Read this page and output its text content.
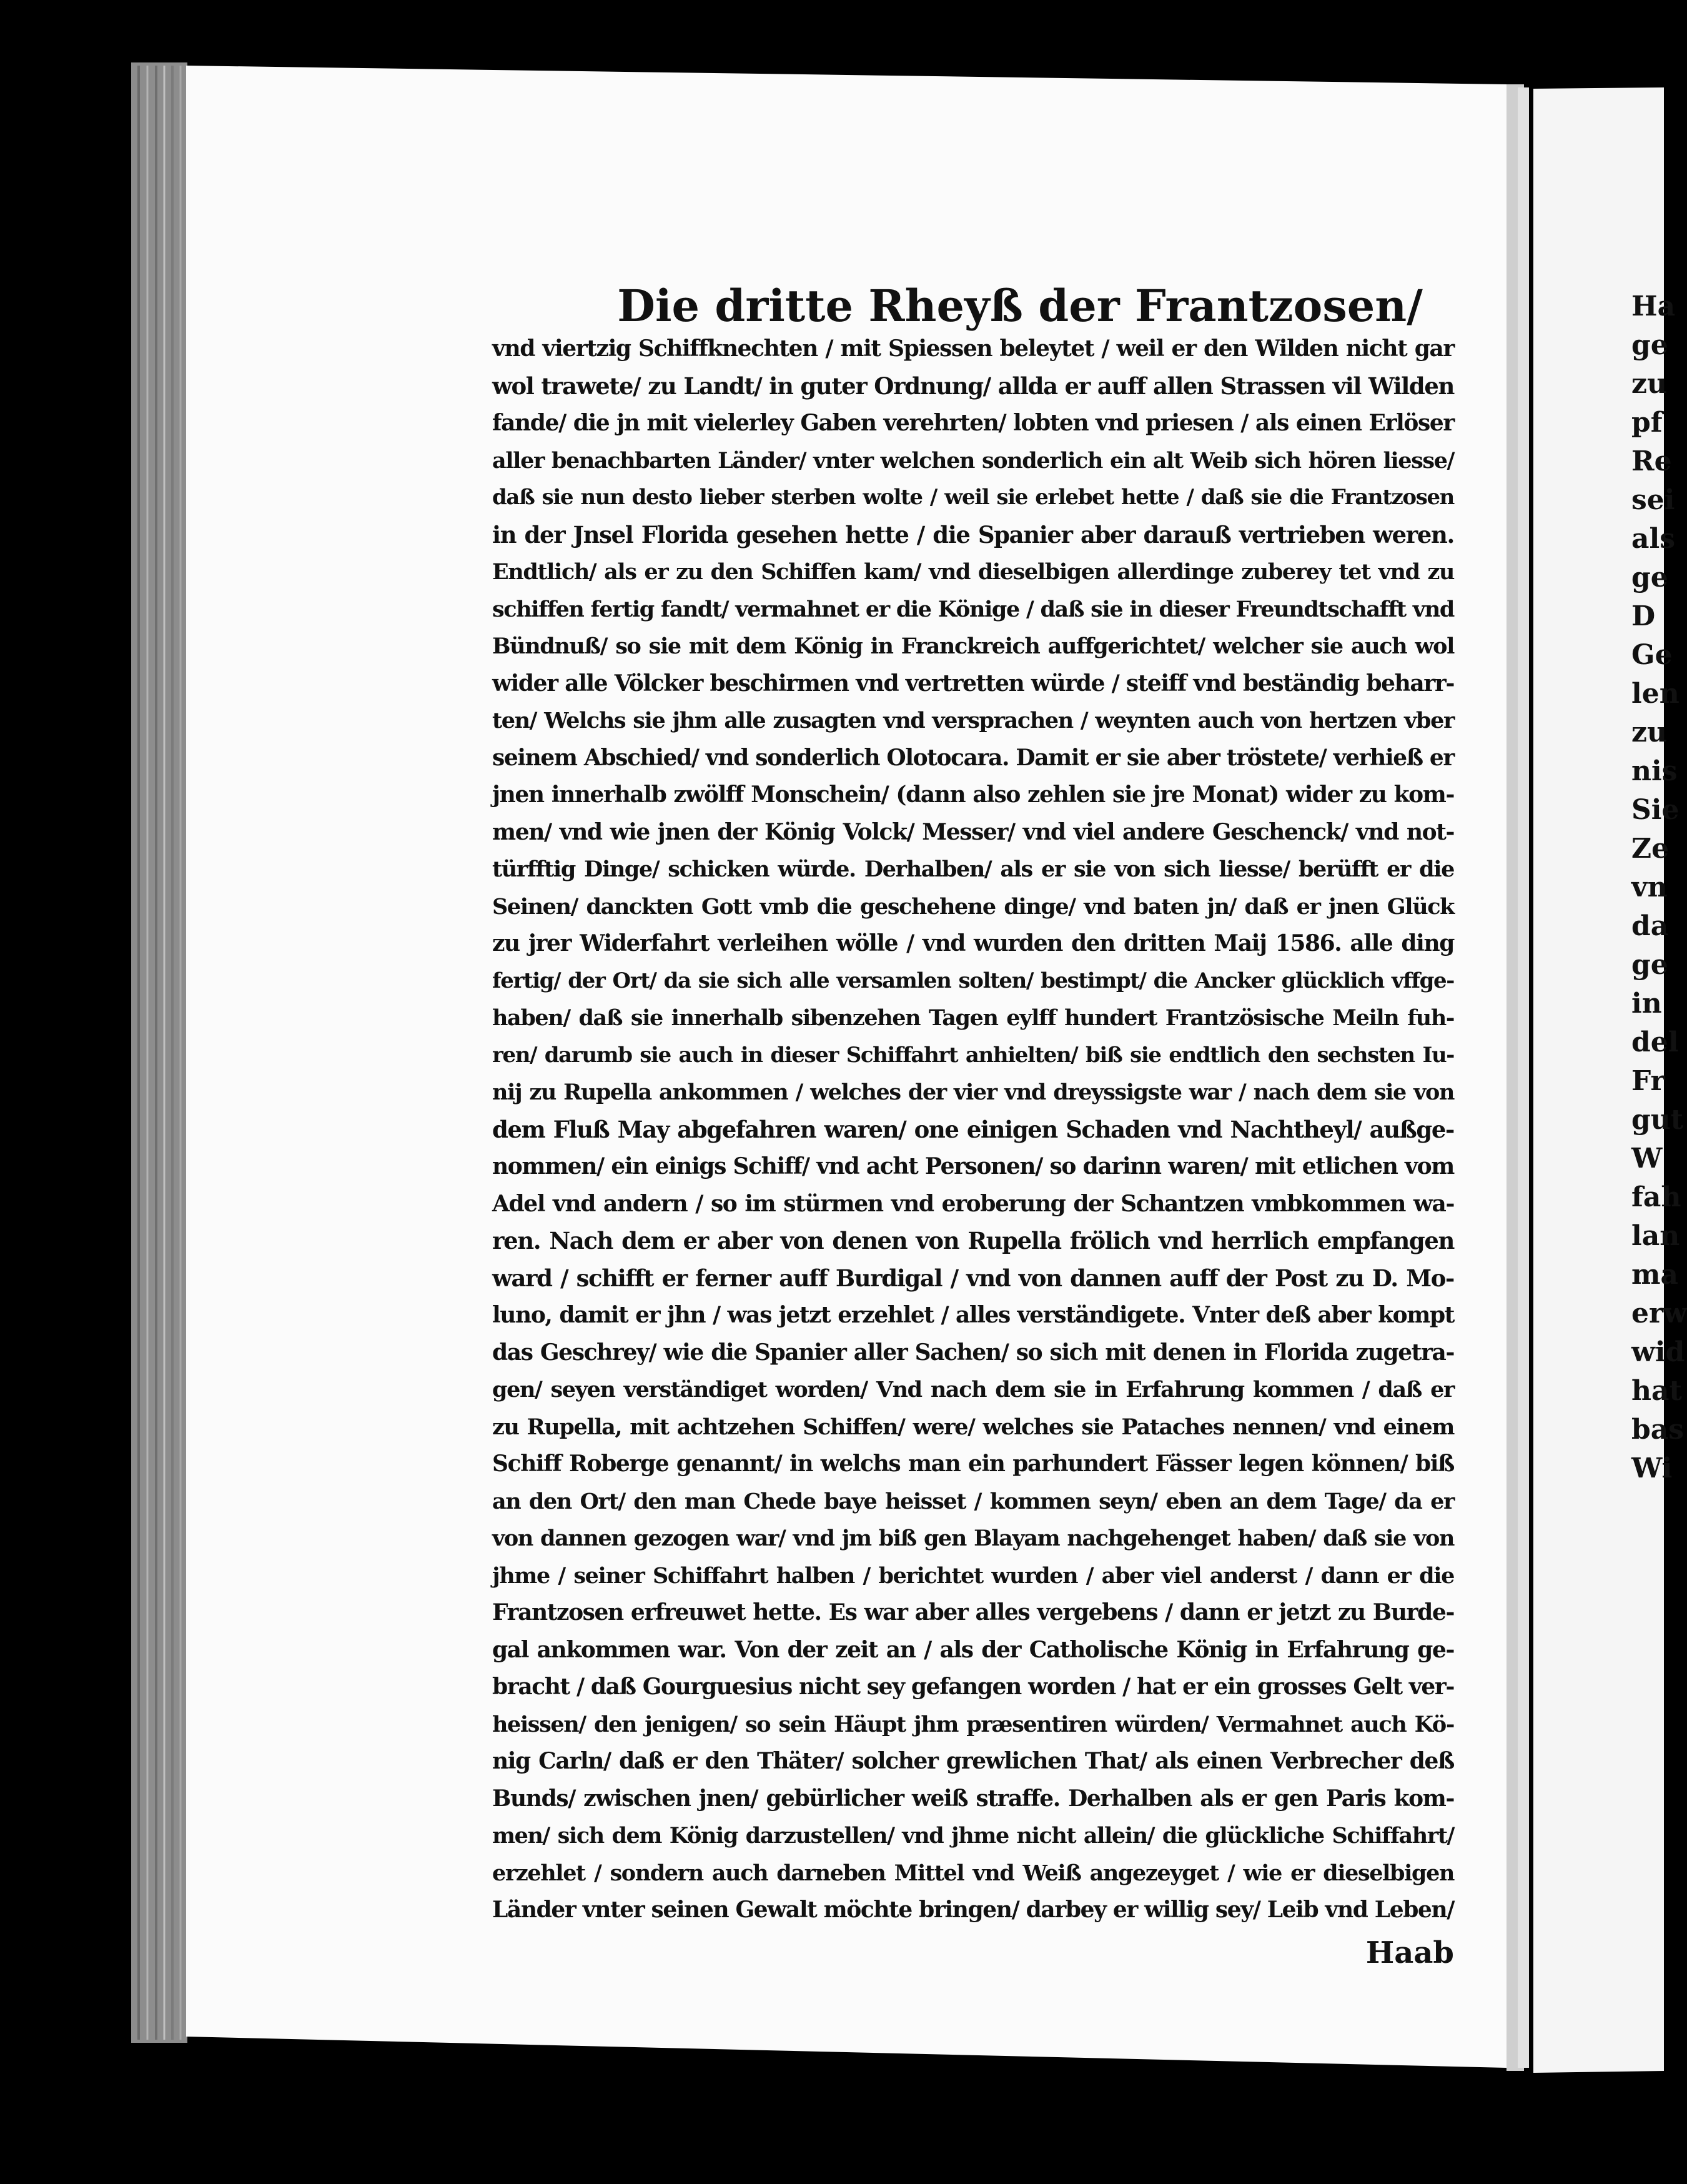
Die dritte Rheyß der Frantzosen/
vnd viertzig Schiffknechten / mit Spiessen beleytet / weil er den Wilden nicht gar
wol trawete/ zu Landt/ in guter Ordnung/ allda er auff allen Strassen vil Wilden
fande/ die jn mit vielerley Gaben verehrten/ lobten vnd priesen / als einen Erlöser
aller benachbarten Länder/ vnter welchen sonderlich ein alt Weib sich hören liesse/
daß sie nun desto lieber sterben wolte / weil sie erlebet hette / daß sie die Frantzosen
in der Jnsel Florida gesehen hette / die Spanier aber darauß vertrieben weren.
Endtlich/ als er zu den Schiffen kam/ vnd dieselbigen allerdinge zuberey tet vnd zu
schiffen fertig fandt/ vermahnet er die Könige / daß sie in dieser Freundtschafft vnd
Bündnuß/ so sie mit dem König in Franckreich auffgerichtet/ welcher sie auch wol
wider alle Völcker beschirmen vnd vertretten würde / steiff vnd beständig beharr-
ten/ Welchs sie jhm alle zusagten vnd versprachen / weynten auch von hertzen vber
seinem Abschied/ vnd sonderlich Olotocara. Damit er sie aber tröstete/ verhieß er
jnen innerhalb zwölff Monschein/ (dann also zehlen sie jre Monat) wider zu kom-
men/ vnd wie jnen der König Volck/ Messer/ vnd viel andere Geschenck/ vnd not-
türfftig Dinge/ schicken würde. Derhalben/ als er sie von sich liesse/ berüfft er die
Seinen/ danckten Gott vmb die geschehene dinge/ vnd baten jn/ daß er jnen Glück
zu jrer Widerfahrt verleihen wölle / vnd wurden den dritten Maij 1586. alle ding
fertig/ der Ort/ da sie sich alle versamlen solten/ bestimpt/ die Ancker glücklich vffge-
haben/ daß sie innerhalb sibenzehen Tagen eylff hundert Frantzösische Meiln fuh-
ren/ darumb sie auch in dieser Schiffahrt anhielten/ biß sie endtlich den sechsten Iu-
nij zu Rupella ankommen / welches der vier vnd dreyssigste war / nach dem sie von
dem Fluß May abgefahren waren/ one einigen Schaden vnd Nachtheyl/ außge-
nommen/ ein einigs Schiff/ vnd acht Personen/ so darinn waren/ mit etlichen vom
Adel vnd andern / so im stürmen vnd eroberung der Schantzen vmbkommen wa-
ren. Nach dem er aber von denen von Rupella frölich vnd herrlich empfangen
ward / schifft er ferner auff Burdigal / vnd von dannen auff der Post zu D. Mo-
luno, damit er jhn / was jetzt erzehlet / alles verständigete. Vnter deß aber kompt
das Geschrey/ wie die Spanier aller Sachen/ so sich mit denen in Florida zugetra-
gen/ seyen verständiget worden/ Vnd nach dem sie in Erfahrung kommen / daß er
zu Rupella, mit achtzehen Schiffen/ were/ welches sie Pataches nennen/ vnd einem
Schiff Roberge genannt/ in welchs man ein parhundert Fässer legen können/ biß
an den Ort/ den man Chede baye heisset / kommen seyn/ eben an dem Tage/ da er
von dannen gezogen war/ vnd jm biß gen Blayam nachgehenget haben/ daß sie von
jhme / seiner Schiffahrt halben / berichtet wurden / aber viel anderst / dann er die
Frantzosen erfreuwet hette. Es war aber alles vergebens / dann er jetzt zu Burde-
gal ankommen war. Von der zeit an / als der Catholische König in Erfahrung ge-
bracht / daß Gourguesius nicht sey gefangen worden / hat er ein grosses Gelt ver-
heissen/ den jenigen/ so sein Häupt jhm præsentiren würden/ Vermahnet auch Kö-
nig Carln/ daß er den Thäter/ solcher grewlichen That/ als einen Verbrecher deß
Bunds/ zwischen jnen/ gebürlicher weiß straffe. Derhalben als er gen Paris kom-
men/ sich dem König darzustellen/ vnd jhme nicht allein/ die glückliche Schiffahrt/
erzehlet / sondern auch darneben Mittel vnd Weiß angezeyget / wie er dieselbigen
Länder vnter seinen Gewalt möchte bringen/ darbey er willig sey/ Leib vnd Leben/
Haab
Ha
ge
zu
pf
Re
sei
als
ge
D
Ge
len
zu
nis
Sie
Ze
vn
da
ge
in
del
Fr
gut
W
fah
lan
ma
erw
wid
hat
bas
Wi
